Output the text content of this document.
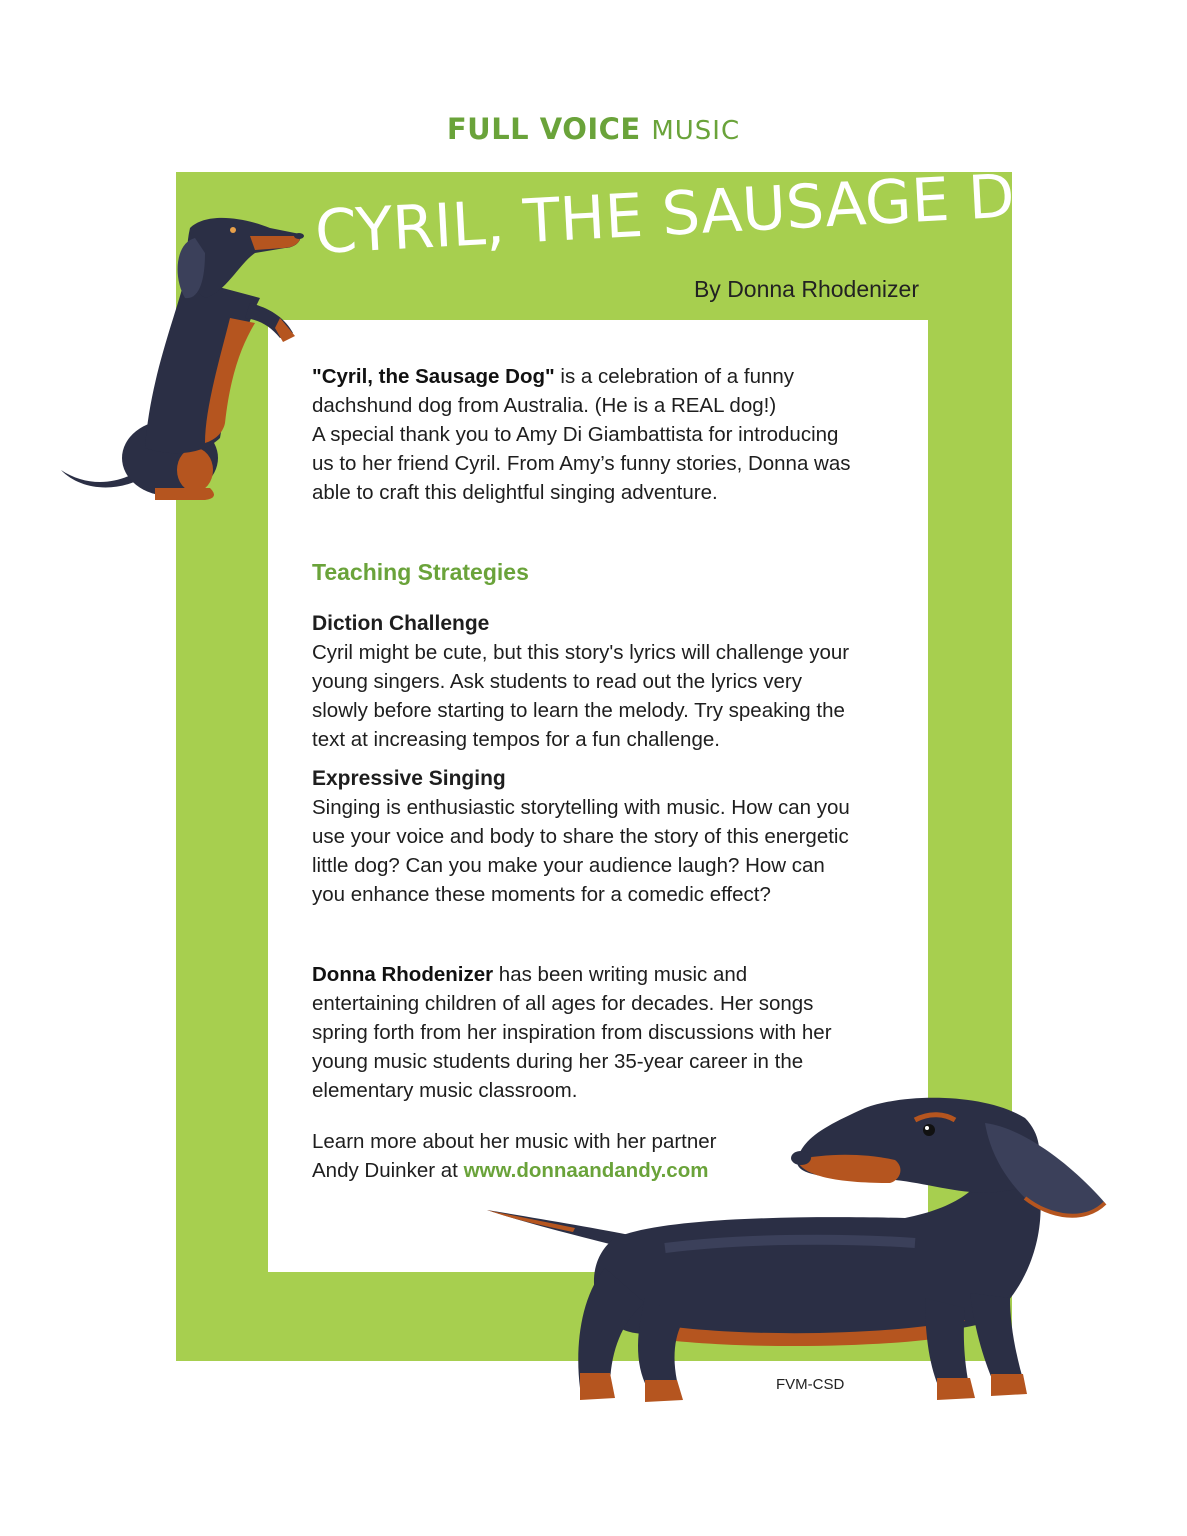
FULL VOICE MUSIC
CYRIL, THE SAUSAGE DOG
By Donna Rhodenizer

"Cyril, the Sausage Dog" is a celebration of a funny

dachshund dog from Australia. (He is a REAL dog!)

A special thank you to Amy Di Giambattista for introducing

us to her friend Cyril. From Amy’s funny stories, Donna was

able to craft this delightful singing adventure.

Teaching Strategies

Diction Challenge

Cyril might be cute, but this story's lyrics will challenge your

young singers. Ask students to read out the lyrics very

slowly before starting to learn the melody. Try speaking the

text at increasing tempos for a fun challenge.

Expressive Singing

Singing is enthusiastic storytelling with music. How can you

use your voice and body to share the story of this energetic

little dog? Can you make your audience laugh? How can

you enhance these moments for a comedic effect?

Donna Rhodenizer has been writing music and

entertaining children of all ages for decades. Her songs

spring forth from her inspiration from discussions with her

young music students during her 35-year career in the

elementary music classroom.

Learn more about her music with her partner

Andy Duinker at www.donnaandandy.com

FVM-CSD
